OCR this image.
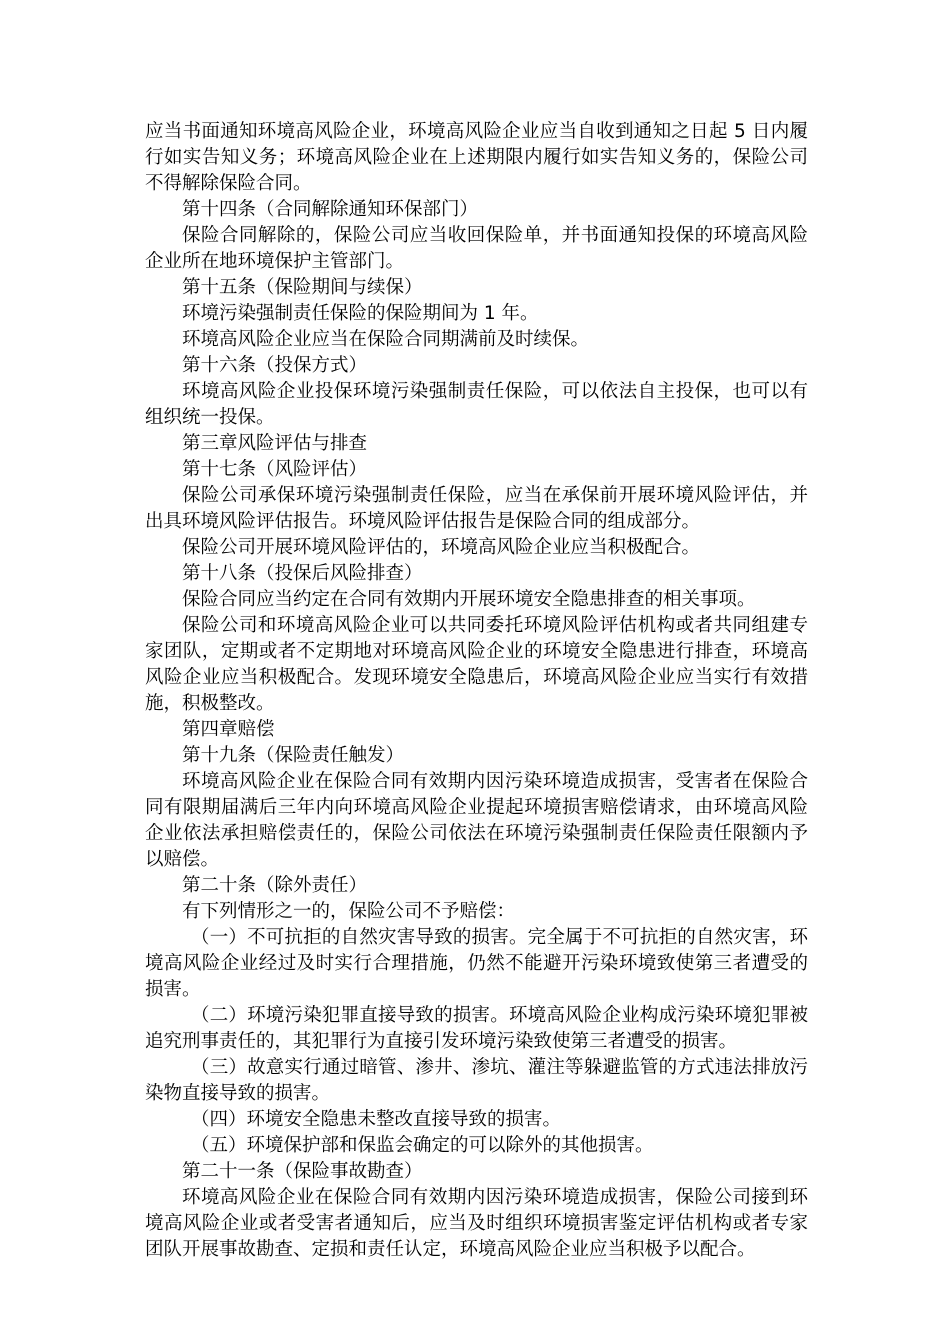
应当书面通知环境高风险企业，环境高风险企业应当自收到通知之日起 5 日内履行如实告知义务；环境高风险企业在上述期限内履行如实告知义务的，保险公司不得解除保险合同。

第十四条（合同解除通知环保部门）

保险合同解除的，保险公司应当收回保险单，并书面通知投保的环境高风险企业所在地环境保护主管部门。

第十五条（保险期间与续保）

环境污染强制责任保险的保险期间为 1 年。

环境高风险企业应当在保险合同期满前及时续保。

第十六条（投保方式）

环境高风险企业投保环境污染强制责任保险，可以依法自主投保，也可以有组织统一投保。

第三章风险评估与排查

第十七条（风险评估）

保险公司承保环境污染强制责任保险，应当在承保前开展环境风险评估，并出具环境风险评估报告。环境风险评估报告是保险合同的组成部分。

保险公司开展环境风险评估的，环境高风险企业应当积极配合。

第十八条（投保后风险排查）

保险合同应当约定在合同有效期内开展环境安全隐患排查的相关事项。

保险公司和环境高风险企业可以共同委托环境风险评估机构或者共同组建专家团队，定期或者不定期地对环境高风险企业的环境安全隐患进行排查，环境高风险企业应当积极配合。发现环境安全隐患后，环境高风险企业应当实行有效措施，积极整改。

第四章赔偿

第十九条（保险责任触发）

环境高风险企业在保险合同有效期内因污染环境造成损害，受害者在保险合同有限期届满后三年内向环境高风险企业提起环境损害赔偿请求，由环境高风险企业依法承担赔偿责任的，保险公司依法在环境污染强制责任保险责任限额内予以赔偿。

第二十条（除外责任）

有下列情形之一的，保险公司不予赔偿：

（一）不可抗拒的自然灾害导致的损害。完全属于不可抗拒的自然灾害，环境高风险企业经过及时实行合理措施，仍然不能避开污染环境致使第三者遭受的损害。

（二）环境污染犯罪直接导致的损害。环境高风险企业构成污染环境犯罪被追究刑事责任的，其犯罪行为直接引发环境污染致使第三者遭受的损害。

（三）故意实行通过暗管、渗井、渗坑、灌注等躲避监管的方式违法排放污染物直接导致的损害。

（四）环境安全隐患未整改直接导致的损害。

（五）环境保护部和保监会确定的可以除外的其他损害。

第二十一条（保险事故勘查）

环境高风险企业在保险合同有效期内因污染环境造成损害，保险公司接到环境高风险企业或者受害者通知后，应当及时组织环境损害鉴定评估机构或者专家团队开展事故勘查、定损和责任认定，环境高风险企业应当积极予以配合。
